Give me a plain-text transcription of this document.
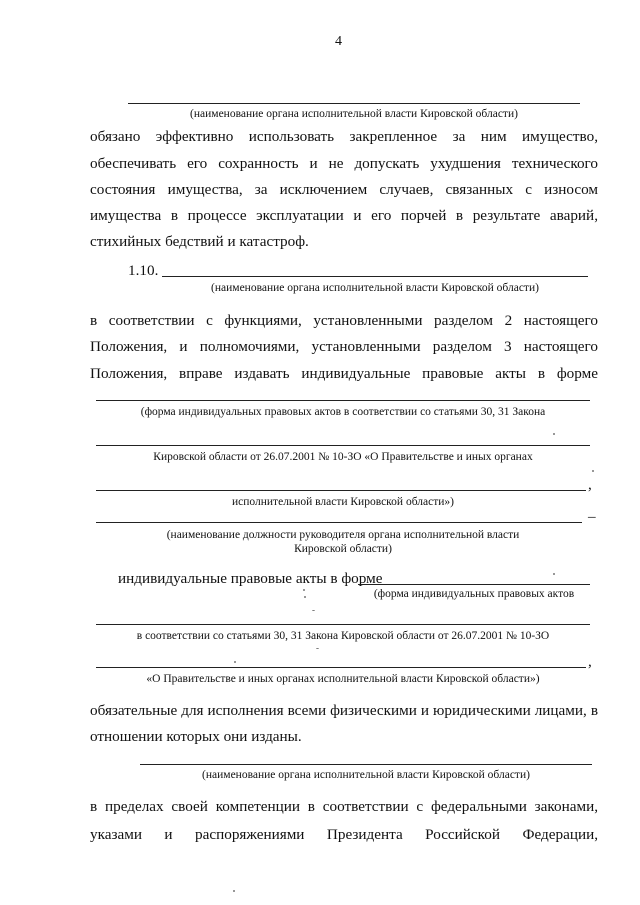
4
(наименование органа исполнительной власти Кировской области)
обязано эффективно использовать закрепленное за ним имущество,
обеспечивать его сохранность и не допускать ухудшения технического
состояния имущества, за исключением случаев, связанных с износом
имущества в процессе эксплуатации и его порчей в результате аварий,
стихийных бедствий и катастроф.
1.10.
(наименование органа исполнительной власти Кировской области)
в соответствии с функциями, установленными разделом 2 настоящего
Положения, и полномочиями, установленными разделом 3 настоящего
Положения, вправе издавать индивидуальные правовые акты в форме
(форма индивидуальных правовых актов в соответствии со статьями 30, 31 Закона
Кировской области от 26.07.2001 № 10-ЗО «О Правительстве и иных органах
,
исполнительной власти Кировской области»)
–
(наименование должности руководителя органа исполнительной власти
Кировской области)
индивидуальные правовые акты в форме
(форма индивидуальных правовых актов
в соответствии со статьями 30, 31 Закона Кировской области от 26.07.2001 № 10-ЗО
,
«О Правительстве и иных органах исполнительной власти Кировской области»)
обязательные для исполнения всеми физическими и юридическими лицами, в
отношении которых они изданы.
(наименование органа исполнительной власти Кировской области)
в пределах своей компетенции в соответствии с федеральными законами,
указами и распоряжениями Президента Российской Федерации,
